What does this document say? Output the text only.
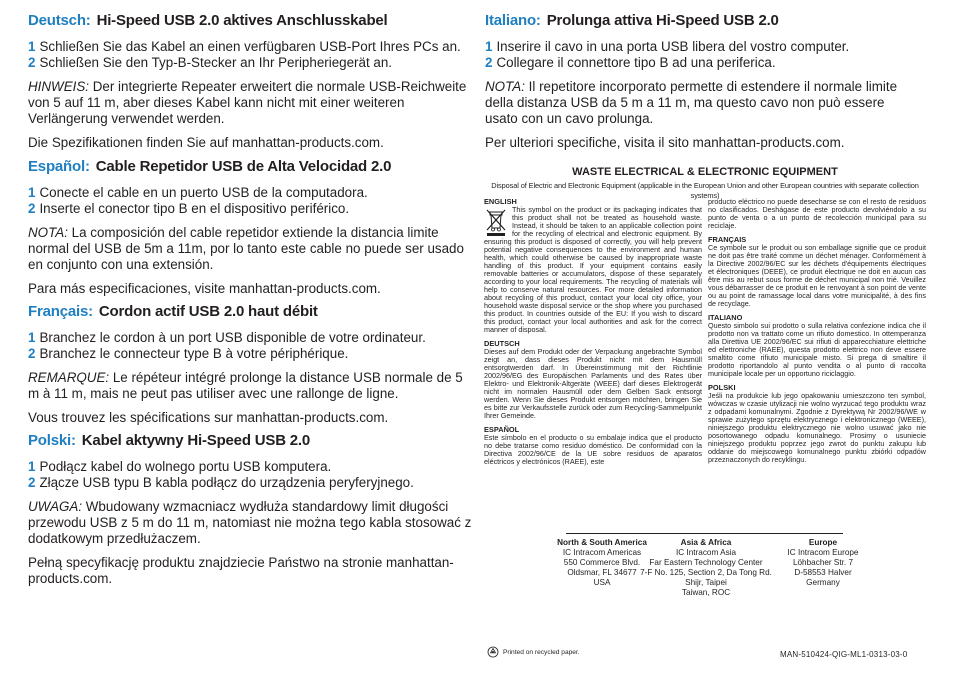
Deutsch: Hi-Speed USB 2.0 aktives Anschlusskabel
1 Schließen Sie das Kabel an einen verfügbaren USB-Port Ihres PCs an.
2 Schließen Sie den Typ-B-Stecker an Ihr Peripheriegerät an.

HINWEIS: Der integrierte Repeater erweitert die normale USB-Reichweite von 5 auf 11 m, aber dieses Kabel kann nicht mit einer weiteren Verlängerung verwendet werden.

Die Spezifikationen finden Sie auf manhattan-products.com.

Español: Cable Repetidor USB de Alta Velocidad 2.0
1 Conecte el cable en un puerto USB de la computadora.
2 Inserte el conector tipo B en el dispositivo periférico.

NOTA: La composición del cable repetidor extiende la distancia limite normal del USB de 5m a 11m, por lo tanto este cable no puede ser usado en conjunto con una extensión.

Para más especificaciones, visite manhattan-products.com.

Français: Cordon actif USB 2.0 haut débit
1 Branchez le cordon à un port USB disponible de votre ordinateur.
2 Branchez le connecteur type B à votre périphérique.

REMARQUE: Le répéteur intégré prolonge la distance USB normale de 5 m à 11 m, mais ne peut pas utiliser avec une rallonge de ligne.

Vous trouvez les spécifications sur manhattan-products.com.

Polski: Kabel aktywny Hi-Speed USB 2.0
1 Podłącz kabel do wolnego portu USB komputera.
2 Złącze USB typu B kabla podłącz do urządzenia peryferyjnego.

UWAGA: Wbudowany wzmacniacz wydłuża standardowy limit długości przewodu USB z 5 m do 11 m, natomiast nie można tego kabla stosować z dodatkowym przedłużaczem.

Pełną specyfikację produktu znajdziecie Państwo na stronie manhattan-products.com.

Italiano: Prolunga attiva Hi-Speed USB 2.0
1 Inserire il cavo in una porta USB libera del vostro computer.
2 Collegare il connettore tipo B ad una periferica.

NOTA: Il repetitore incorporato permette di estendere il normale limite della distanza USB da 5 m a 11 m, ma questo cavo non può essere usato con un cavo prolunga.

Per ulteriori specifiche, visita il sito manhattan-products.com.

WASTE ELECTRICAL & ELECTRONIC EQUIPMENT
Disposal of Electric and Electronic Equipment (applicable in the European Union and other European countries with separate collection systems)
ENGLISH
This symbol on the product or its packaging indicates that this product shall not be treated as household waste. Instead, it should be taken to an applicable collection point for the recycling of electrical and electronic equipment. By ensuring this product is disposed of correctly, you will help prevent potential negative consequences to the environment and human health, which could otherwise be caused by inappropriate waste handling of this product. If your equipment contains easily removable batteries or accumulators, dispose of these separately according to your local requirements. The recycling of materials will help to conserve natural resources. For more detailed information about recycling of this product, contact your local city office, your household waste disposal service or the shop where you purchased this product. In countries outside of the EU: If you wish to discard this product, contact your local authorities and ask for the correct manner of disposal.
DEUTSCH
Dieses auf dem Produkt oder der Verpackung angebrachte Symbol zeigt an, dass dieses Produkt nicht mit dem Hausmüll entsorgtwerden darf. In Übereinstimmung mit der Richtlinie 2002/96/EG des Europäischen Parlaments und des Rates über Elektro- und Elektronik-Altgeräte (WEEE) darf dieses Elektrogerät nicht im normalen Hausmüll oder dem Gelben Sack entsorgt werden. Wenn Sie dieses Produkt entsorgen möchten, bringen Sie es bitte zur Verkaufsstelle zurück oder zum Recycling-Sammelpunkt Ihrer Gemeinde.
ESPAÑOL
Este símbolo en el producto o su embalaje indica que el producto no debe tratarse como residuo doméstico. De conformidad con la Directiva 2002/96/CE de la UE sobre residuos de aparatos eléctricos y electrónicos (RAEE), este
producto eléctrico no puede desecharse se con el resto de residuos no clasificados. Deshágase de este producto devolviéndolo a su punto de venta o a un punto de recolección municipal para su reciclaje.
FRANÇAIS
Ce symbole sur le produit ou son emballage signifie que ce produit ne doit pas être traité comme un déchet ménager. Conformément à la Directive 2002/96/EC sur les déchets d'équipements électriques et électroniques (DEEE), ce produit électrique ne doit en aucun cas être mis au rebut sous forme de déchet municipal non trié. Veuillez vous débarrasser de ce produit en le renvoyant à son point de vente ou au point de ramassage local dans votre municipalité, à des fins de recyclage.
ITALIANO
Questo simbolo sui prodotto o sulla relativa confezione indica che il prodotto non va trattato come un rifiuto domestico. In ottemperanza alla Direttiva UE 2002/96/EC sui rifiuti di apparecchiature elettriche ed elettroniche (RAEE), questa prodotto elettrico non deve essere smaltito come rifiuto municipale misto. Si prega di smaltire il prodotto riportandolo al punto vendita o al punto di raccolta municipale locale per un opportuno riciclaggio.
POLSKI
Jeśli na produkcie lub jego opakowaniu umieszczono ten symbol, wówczas w czasie utylizacji nie wolno wyrzucać tego produktu wraz z odpadami komunalnymi. Zgodnie z Dyrektywą Nr 2002/96/WE w sprawie zużytego sprzętu elektrycznego i elektronicznego (WEEE), niniejszego produktu elektrycznego nie wolno usuwać jako nie posortowanego odpadu komunalnego. Prosimy o usuniecie niniejszego produktu poprzez jego zwrot do punktu zakupu lub oddanie do miejscowego komunalnego punktu zbiórki odpadów przeznaczonych do recyklingu.
North & South America
IC Intracom Americas
550 Commerce Blvd.
Oldsmar, FL 34677
USA
Asia & Africa
IC Intracom Asia
Far Eastern Technology Center
7-F No. 125, Section 2, Da Tong Rd.
Shijr, Taipei
Taiwan, ROC
Europe
IC Intracom Europe
Löhbacher Str. 7
D-58553 Halver
Germany
Printed on recycled paper.	MAN-510424-QIG-ML1-0313-03-0
